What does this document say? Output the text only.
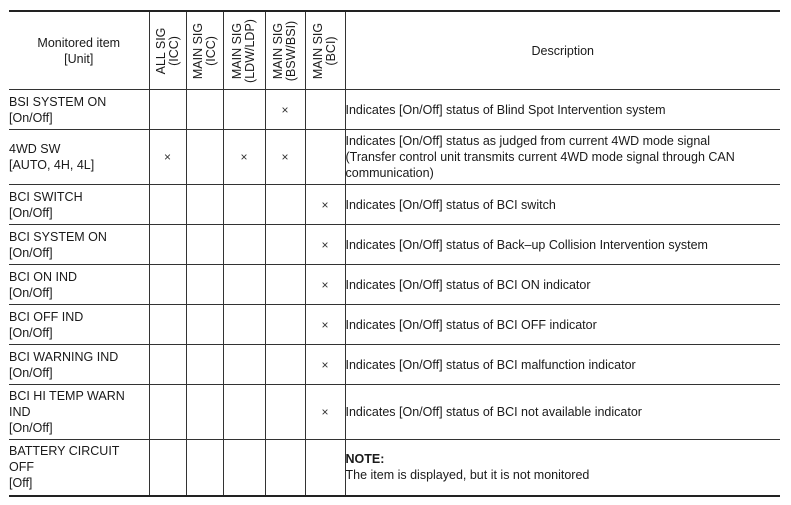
Monitored item
[Unit]	ALL SIG (ICC)	MAIN SIG (ICC)	MAIN SIG (LDW/LDP)	MAIN SIG (BSW/BSI)	MAIN SIG (BCI)	Description

BSI SYSTEM ON
[On/Off]				×		Indicates [On/Off] status of Blind Spot Intervention system

4WD SW
[AUTO, 4H, 4L]	×		×	×		Indicates [On/Off] status as judged from current 4WD mode signal
(Transfer control unit transmits current 4WD mode signal through CAN
communication)

BCI SWITCH
[On/Off]					×	Indicates [On/Off] status of BCI switch

BCI SYSTEM ON
[On/Off]					×	Indicates [On/Off] status of Back–up Collision Intervention system

BCI ON IND
[On/Off]					×	Indicates [On/Off] status of BCI ON indicator

BCI OFF IND
[On/Off]					×	Indicates [On/Off] status of BCI OFF indicator

BCI WARNING IND
[On/Off]					×	Indicates [On/Off] status of BCI malfunction indicator

BCI HI TEMP WARN
IND
[On/Off]					×	Indicates [On/Off] status of BCI not available indicator

BATTERY CIRCUIT
OFF
[Off]						NOTE:
The item is displayed, but it is not monitored
